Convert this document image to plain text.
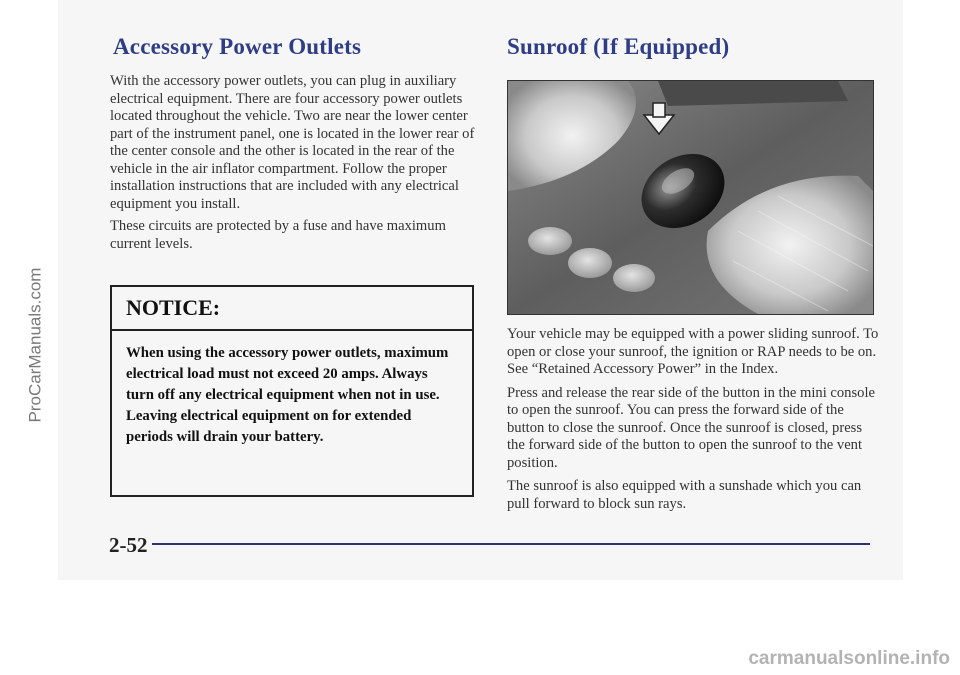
ProCarManuals.com
Accessory Power Outlets

With the accessory power outlets, you can plug in auxiliary electrical equipment. There are four accessory power outlets located throughout the vehicle. Two are near the lower center part of the instrument panel, one is located in the lower rear of the center console and the other is located in the rear of the vehicle in the air inflator compartment. Follow the proper installation instructions that are included with any electrical equipment you install.

These circuits are protected by a fuse and have maximum current levels.

NOTICE:
When using the accessory power outlets, maximum electrical load must not exceed 20 amps. Always turn off any electrical equipment when not in use. Leaving electrical equipment on for extended periods will drain your battery.
Sunroof (If Equipped)

Your vehicle may be equipped with a power sliding sunroof. To open or close your sunroof, the ignition or RAP needs to be on. See “Retained Accessory Power” in the Index.

Press and release the rear side of the button in the mini console to open the sunroof. You can press the forward side of the button to close the sunroof. Once the sunroof is closed, press the forward side of the button to open the sunroof to the vent position.

The sunroof is also equipped with a sunshade which you can pull forward to block sun rays.

2-52
carmanualsonline.info
